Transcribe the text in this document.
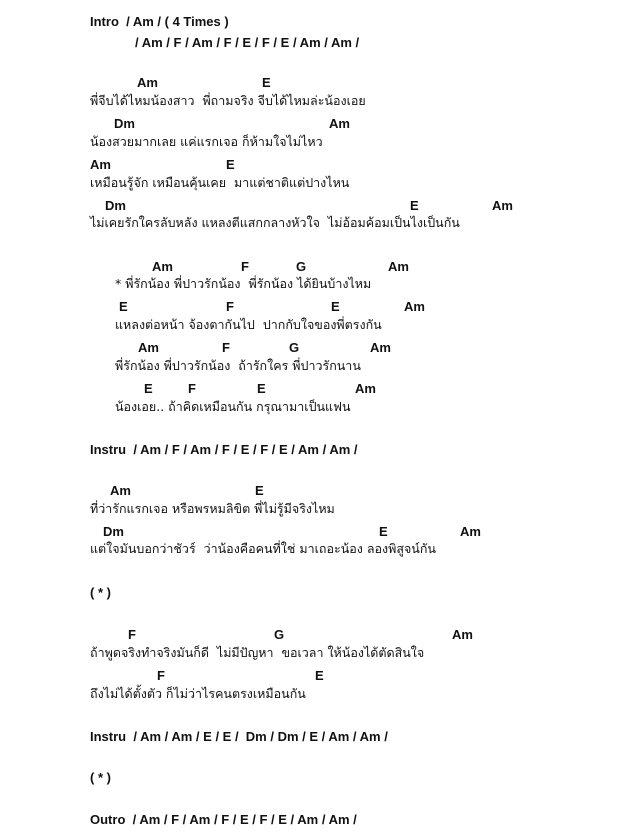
Intro  / Am / ( 4 Times )
/ Am / F / Am / F / E / F / E / Am / Am /
Am	E
พี่จีบได้ไหมน้องสาว  พี่ถามจริง จีบได้ไหมล่ะน้องเอย
Dm	Am
น้องสวยมากเลย แค่แรกเจอ ก็ห้ามใจไม่ไหว
Am	E
เหมือนรู้จัก เหมือนคุ้นเคย  มาแต่ชาติแต่ปางไหน
Dm	E	Am
ไม่เคยรักใครลับหลัง แหลงตีแสกกลางหัวใจ  ไม่อ้อมค้อมเป็นไงเป็นกัน
Am	F	G	Am
* พี่รักน้อง พี่ปาวรักน้อง  พี่รักน้อง ได้ยินบ้างไหม
E	F	E	Am
แหลงต่อหน้า จ้องตากันไป  ปากกับใจของพี่ตรงกัน
Am	F	G	Am
พี่รักน้อง พี่ปาวรักน้อง  ถ้ารักใคร พี่ปาวรักนาน
E	F	E	Am
น้องเอย.. ถ้าคิดเหมือนกัน กรุณามาเป็นแฟน
Instru  / Am / F / Am / F / E / F / E / Am / Am /
Am	E
ที่ว่ารักแรกเจอ หรือพรหมลิขิต พี่ไม่รู้มีจริงไหม
Dm	E	Am
แต่ใจมันบอกว่าชัวร์  ว่าน้องคือคนที่ใช่ มาเถอะน้อง ลองพิสูจน์กัน
( * )
F	G	Am
ถ้าพูดจริงทำจริงมันก็ดี  ไม่มีปัญหา  ขอเวลา ให้น้องได้ตัดสินใจ
F	E
ถึงไม่ได้ตั้งตัว ก็ไม่ว่าไรคนตรงเหมือนกัน
Instru  / Am / Am / E / E /  Dm / Dm / E / Am / Am /
( * )
Outro  / Am / F / Am / F / E / F / E / Am / Am /
